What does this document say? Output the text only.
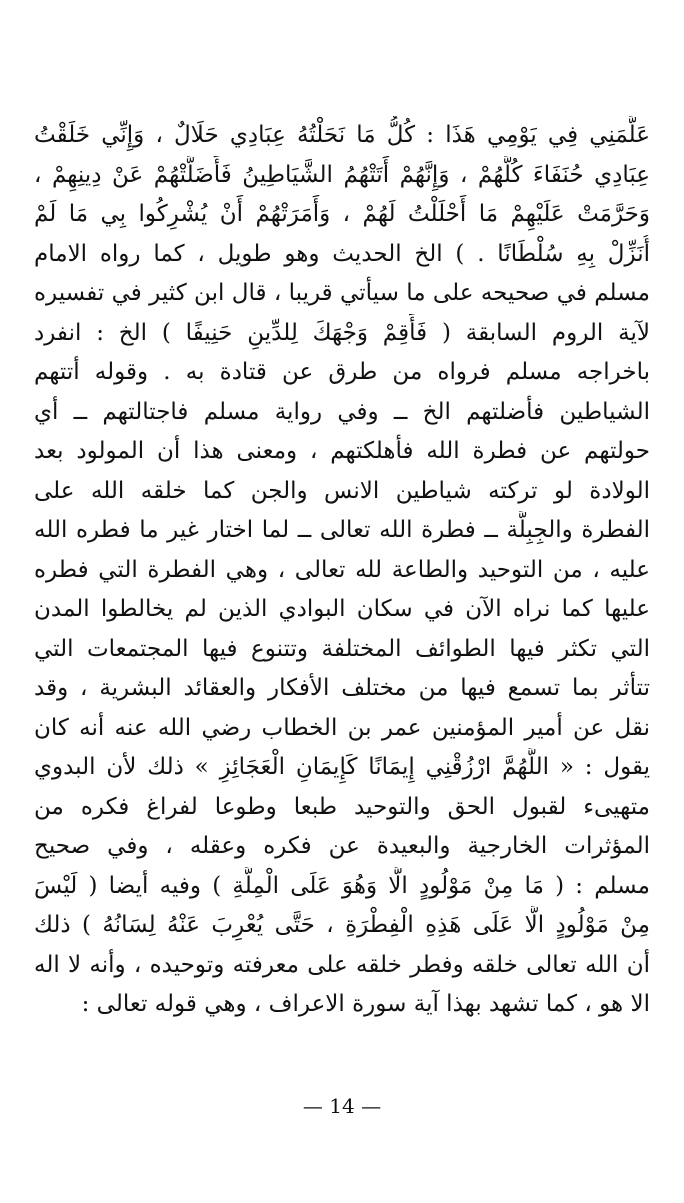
عَلَّمَنِي فِي يَوْمِي هَذَا : كُلُّ مَا نَحَلْتُهُ عِبَادِي حَلَالٌ ، وَإِنِّي خَلَقْتُ
عِبَادِي حُنَفَاءَ كُلَّهُمْ ، وَإِنَّهُمْ أَتَتْهُمُ الشَّيَاطِينُ فَأَضَلَّتْهُمْ عَنْ دِينِهِمْ ،
وَحَرَّمَتْ عَلَيْهِمْ مَا أَحْلَلْتُ لَهُمْ ، وَأَمَرَتْهُمْ أَنْ يُشْرِكُوا بِي مَا لَمْ
أُنَزِّلْ بِهِ سُلْطَانًا . ) الخ الحديث وهو طويل ، كما رواه الامام
مسلم في صحيحه على ما سيأتي قريبا ، قال ابن كثير في تفسيره
لآية الروم السابقة ( فَأَقِمْ وَجْهَكَ لِلدِّينِ حَنِيفًا ) الخ : انفرد
باخراجه مسلم فرواه من طرق عن قتادة به . وقوله أتتهم
الشياطين فأضلتهم الخ ــ وفي رواية مسلم فاجتالتهم ــ أي
حولتهم عن فطرة الله فأهلكتهم ، ومعنى هذا أن المولود بعد
الولادة لو تركته شياطين الانس والجن كما خلقه الله على
الفطرة والجِبِلَّة ــ فطرة الله تعالى ــ لما اختار غير ما فطره الله
عليه ، من التوحيد والطاعة لله تعالى ، وهي الفطرة التي فطره
عليها كما نراه الآن في سكان البوادي الذين لم يخالطوا المدن
التي تكثر فيها الطوائف المختلفة وتتنوع فيها المجتمعات التي
تتأثر بما تسمع فيها من مختلف الأفكار والعقائد البشرية ، وقد
نقل عن أمير المؤمنين عمر بن الخطاب رضي الله عنه أنه كان
يقول : « اللَّهُمَّ ارْزُقْنِي إِيمَانًا كَإِيمَانِ الْعَجَائِزِ » ذلك لأن البدوي
متهيىء لقبول الحق والتوحيد طبعا وطوعا لفراغ فكره من
المؤثرات الخارجية والبعيدة عن فكره وعقله ، وفي صحيح
مسلم : ( مَا مِنْ مَوْلُودٍ الَّا وَهُوَ عَلَى الْمِلَّةِ ) وفيه أيضا ( لَيْسَ
مِنْ مَوْلُودٍ الَّا عَلَى هَذِهِ الْفِطْرَةِ ، حَتَّى يُعْرِبَ عَنْهُ لِسَانُهُ ) ذلك
أن الله تعالى خلقه وفطر خلقه على معرفته وتوحيده ، وأنه لا اله
الا هو ، كما تشهد بهذا آية سورة الاعراف ، وهي قوله تعالى :
— 14 —
